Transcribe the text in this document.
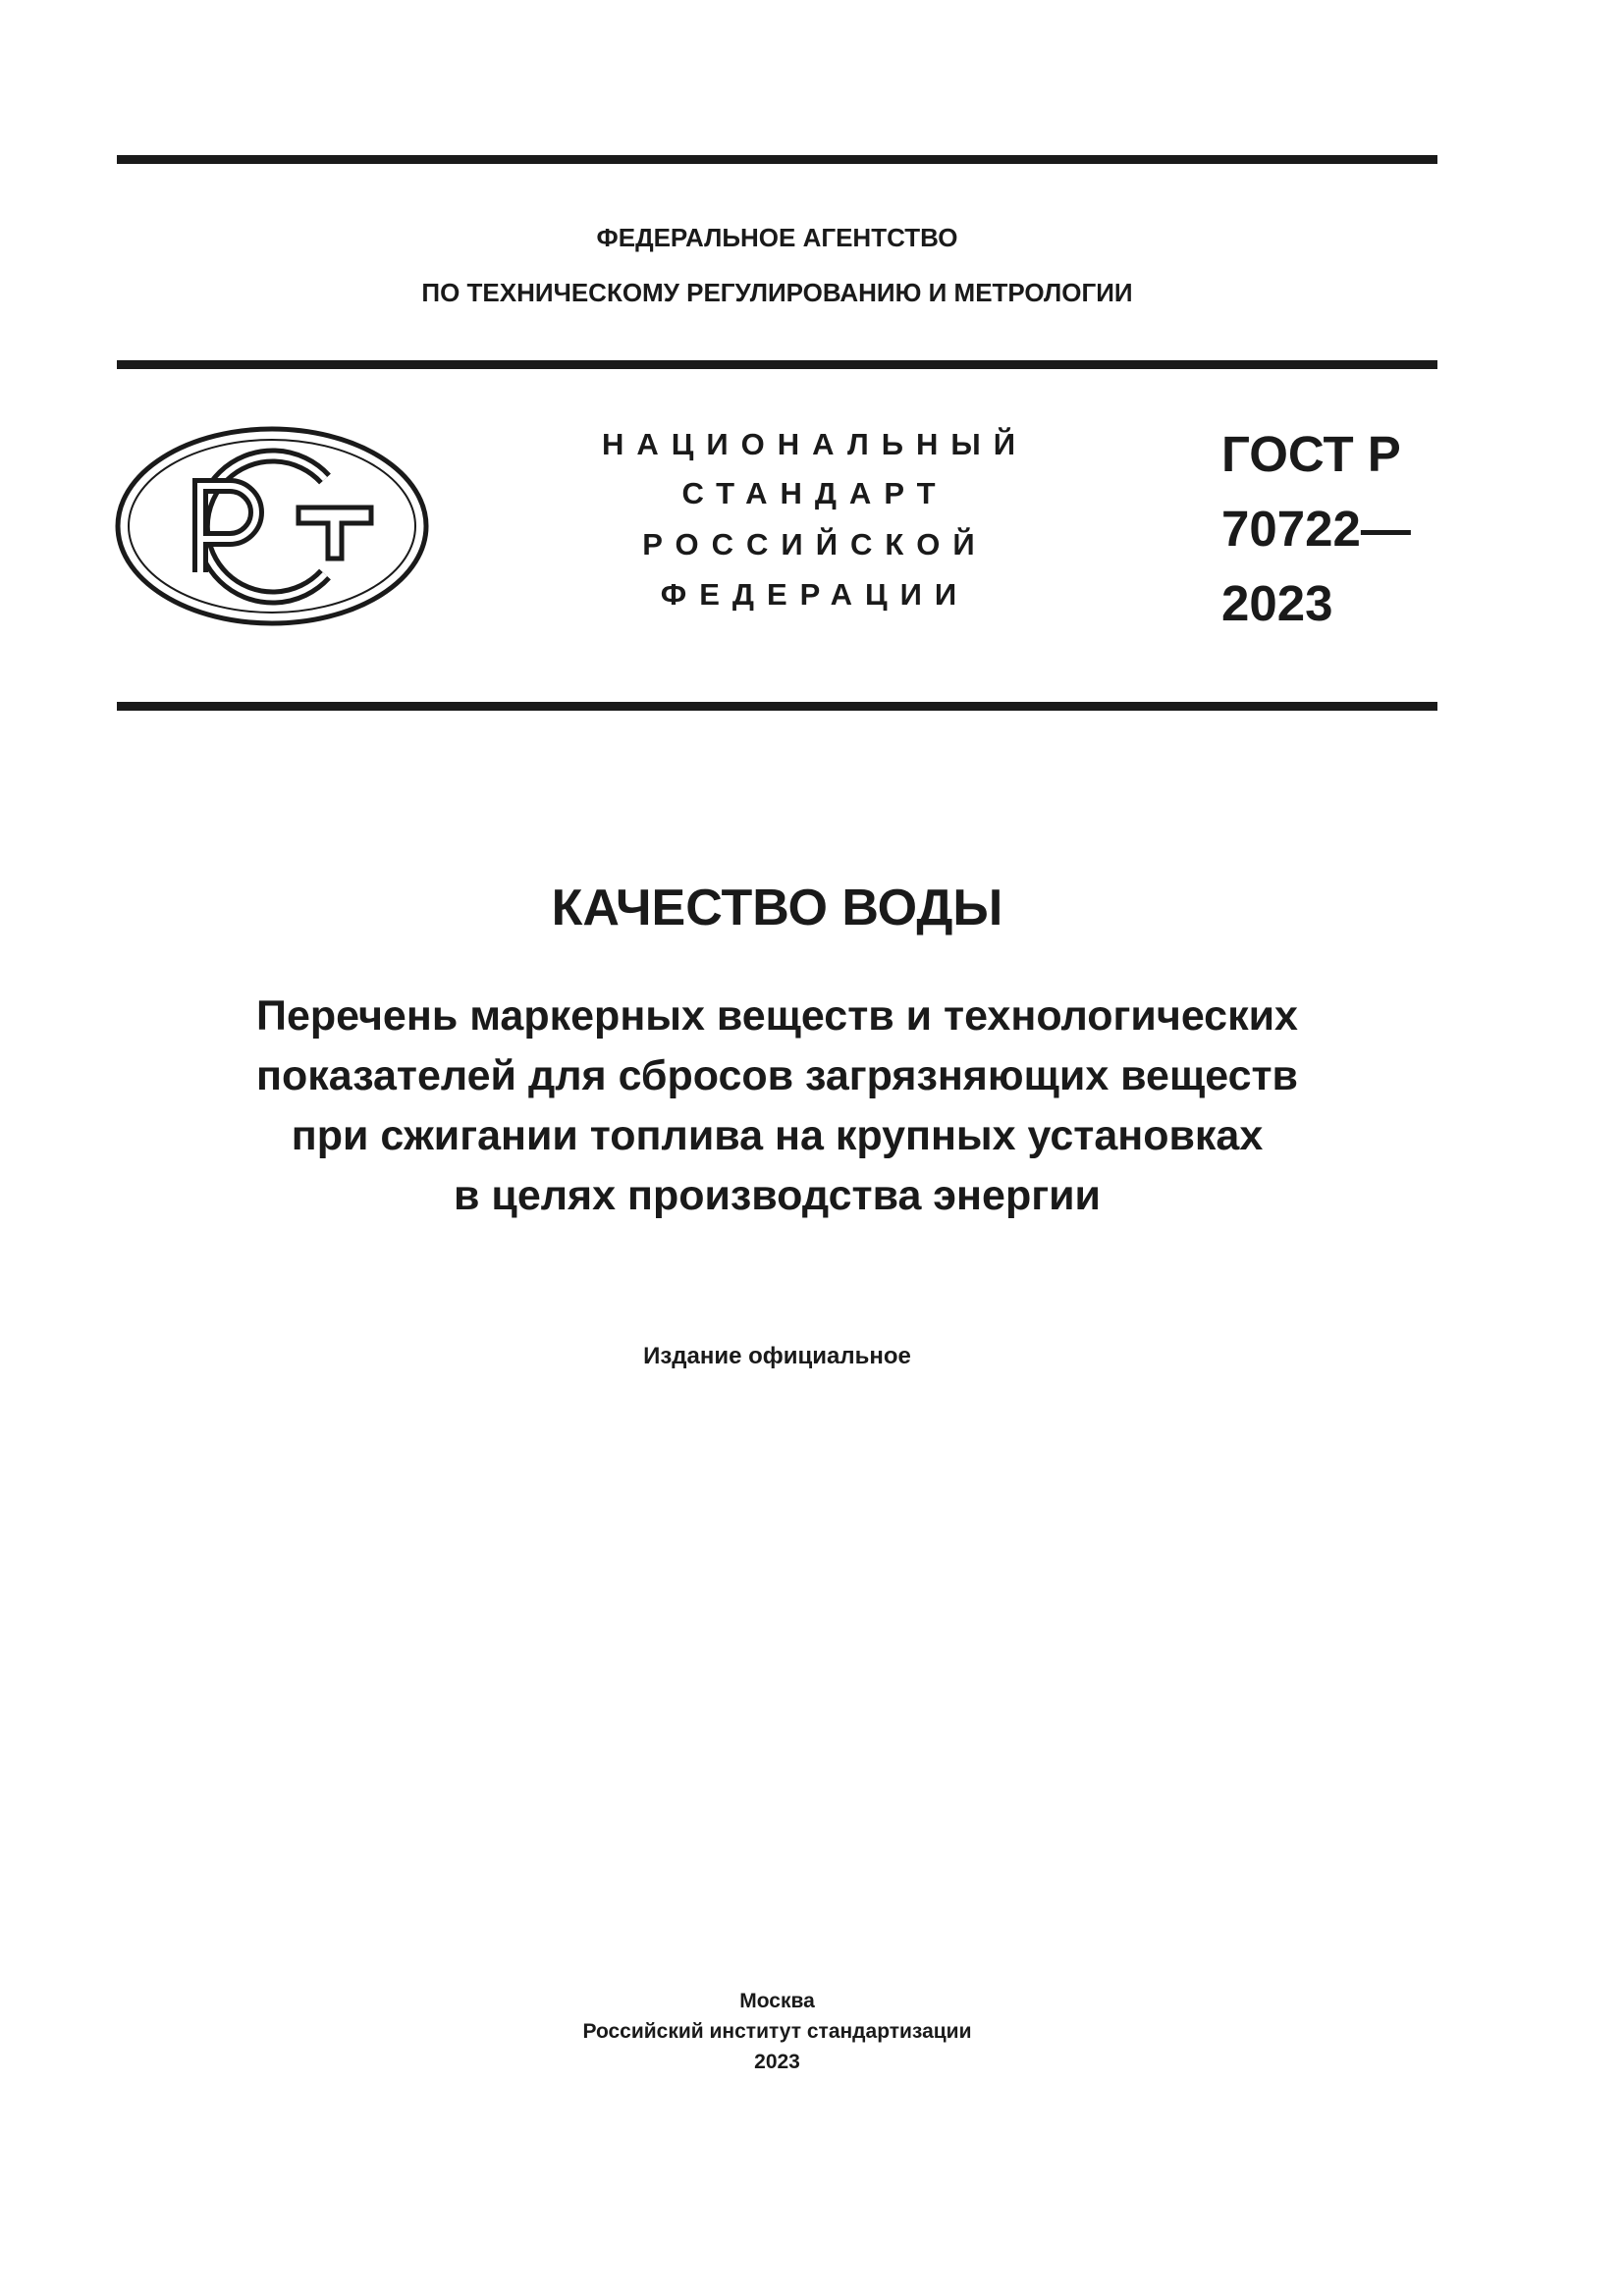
ФЕДЕРАЛЬНОЕ АГЕНТСТВО
ПО ТЕХНИЧЕСКОМУ РЕГУЛИРОВАНИЮ И МЕТРОЛОГИИ
НАЦИОНАЛЬНЫЙ
СТАНДАРТ
РОССИЙСКОЙ
ФЕДЕРАЦИИ
ГОСТ Р
70722—
2023
КАЧЕСТВО ВОДЫ
Перечень маркерных веществ и технологических
показателей для сбросов загрязняющих веществ
при сжигании топлива на крупных установках
в целях производства энергии
Издание официальное
Москва
Российский институт стандартизации
2023
